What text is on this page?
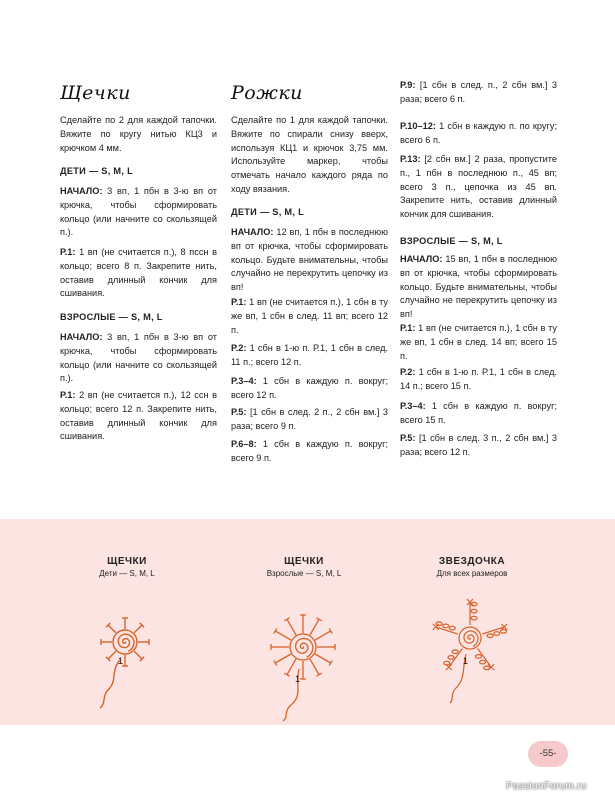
Щечки

Сделайте по 2 для каждой тапочки. Вяжите по кругу нитью КЦ3 и крючком 4 мм.

ДЕТИ — S, M, L

НАЧАЛО: 3 вп, 1 пбн в 3-ю вп от крючка, чтобы сформировать кольцо (или начните со скользящей п.).

Р.1: 1 вп (не считается п.), 8 пссн в кольцо; всего 8 п. Закрепите нить, оставив длинный кончик для сшивания.

ВЗРОСЛЫЕ — S, M, L

НАЧАЛО: 3 вп, 1 пбн в 3-ю вп от крючка, чтобы сформировать кольцо (или начните со скользящей п.).

Р.1: 2 вп (не считается п.), 12 ссн в кольцо; всего 12 п. Закрепите нить, оставив длинный кончик для сшивания.

Рожки

Сделайте по 1 для каждой тапочки. Вяжите по спирали снизу вверх, используя КЦ1 и крючок 3,75 мм. Используйте маркер, чтобы отмечать начало каждого ряда по ходу вязания.

ДЕТИ — S, M, L

НАЧАЛО: 12 вп, 1 пбн в последнюю вп от крючка, чтобы сформировать кольцо. Будьте внимательны, чтобы случайно не перекрутить цепочку из вп!

Р.1: 1 вп (не считается п.), 1 сбн в ту же вп, 1 сбн в след. 11 вп; всего 12 п.

Р.2: 1 сбн в 1-ю п. Р.1, 1 сбн в след. 11 п.; всего 12 п.

Р.3–4: 1 сбн в каждую п. вокруг; всего 12 п.

Р.5: [1 сбн в след. 2 п., 2 сбн вм.] 3 раза; всего 9 п.

Р.6–8: 1 сбн в каждую п. вокруг; всего 9 п.

Р.9: [1 сбн в след. п., 2 сбн вм.] 3 раза; всего 6 п.

Р.10–12: 1 сбн в каждую п. по кругу; всего 6 п.

Р.13: [2 сбн вм.] 2 раза, пропустите п., 1 пбн в последнюю п., 45 вп; всего 3 п., цепочка из 45 вп. Закрепите нить, оставив длинный кончик для сшивания.

ВЗРОСЛЫЕ — S, M, L

НАЧАЛО: 15 вп, 1 пбн в последнюю вп от крючка, чтобы сформировать кольцо. Будьте внимательны, чтобы случайно не перекрутить цепочку из вп!

Р.1: 1 вп (не считается п.), 1 сбн в ту же вп, 1 сбн в след. 14 вп; всего 15 п.

Р.2: 1 сбн в 1-ю п. Р.1, 1 сбн в след. 14 п.; всего 15 п.

Р.3–4: 1 сбн в каждую п. вокруг; всего 15 п.

Р.5: [1 сбн в след. 3 п., 2 сбн вм.] 3 раза; всего 12 п.

ЩЕЧКИ
Дети — S, M, L
ЩЕЧКИ
Взрослые — S, M, L
ЗВЕЗДОЧКА
Для всех размеров
1
1
1
-55-
PassionForum.ru
